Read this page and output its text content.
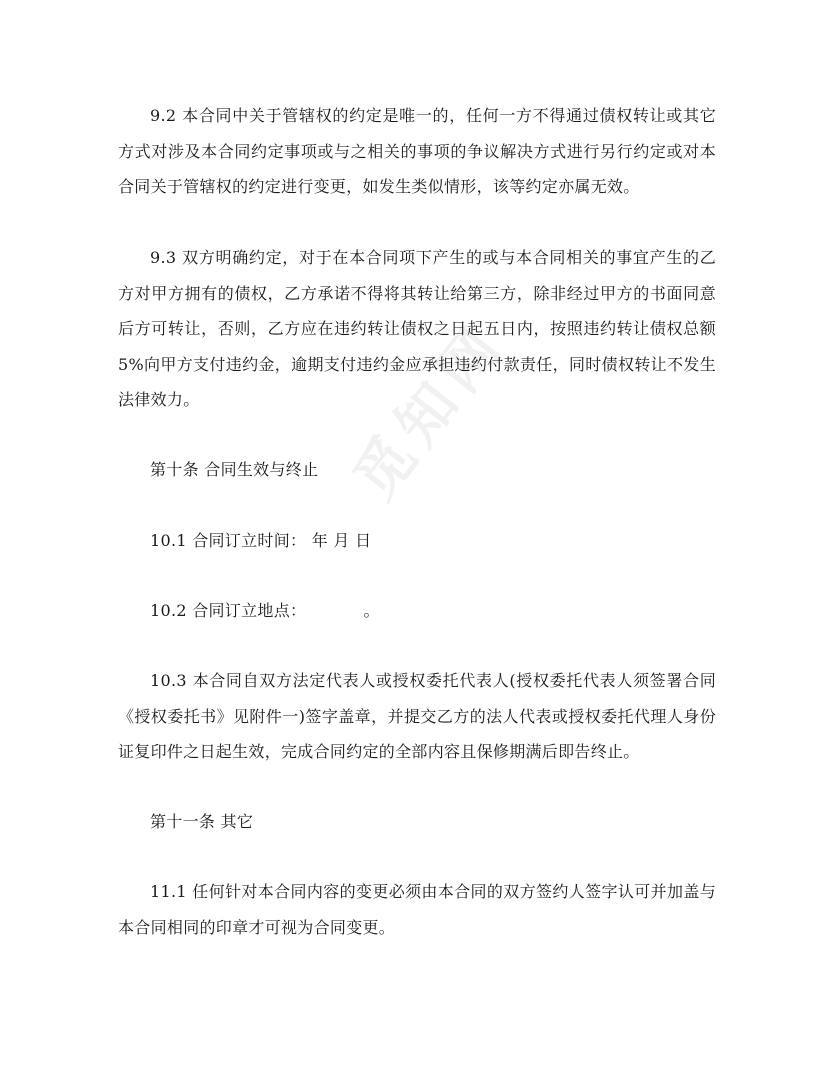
觅知网

9.2 本合同中关于管辖权的约定是唯一的，任何一方不得通过债权转让或其它方式对涉及本合同约定事项或与之相关的事项的争议解决方式进行另行约定或对本合同关于管辖权的约定进行变更，如发生类似情形，该等约定亦属无效。

9.3 双方明确约定，对于在本合同项下产生的或与本合同相关的事宜产生的乙方对甲方拥有的债权，乙方承诺不得将其转让给第三方，除非经过甲方的书面同意后方可转让，否则，乙方应在违约转让债权之日起五日内，按照违约转让债权总额5%向甲方支付违约金，逾期支付违约金应承担违约付款责任，同时债权转让不发生法律效力。

第十条 合同生效与终止

10.1 合同订立时间： 年 月 日

10.2 合同订立地点：　　　　。

10.3 本合同自双方法定代表人或授权委托代表人(授权委托代表人须签署合同《授权委托书》见附件一)签字盖章，并提交乙方的法人代表或授权委托代理人身份证复印件之日起生效，完成合同约定的全部内容且保修期满后即告终止。

第十一条 其它

11.1 任何针对本合同内容的变更必须由本合同的双方签约人签字认可并加盖与本合同相同的印章才可视为合同变更。
